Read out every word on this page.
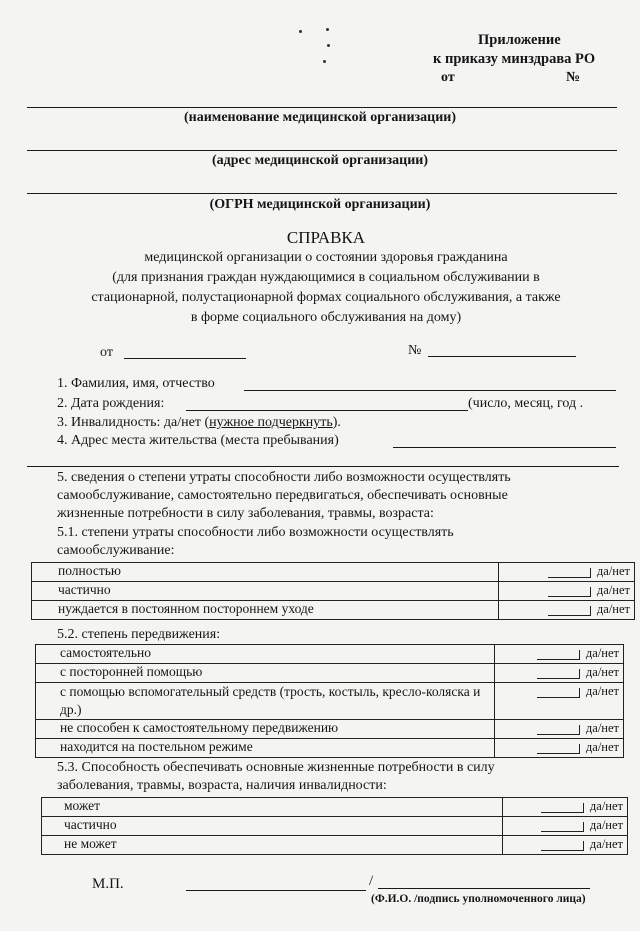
Приложение
к приказу минздрава РО
от	№
(наименование медицинской организации)
(адрес медицинской организации)
(ОГРН медицинской организации)
СПРАВКА
медицинской организации о состоянии здоровья гражданина
(для признания граждан нуждающимися в социальном обслуживании в
стационарной, полустационарной формах социального обслуживания, а также
в форме социального обслуживания на дому)
от	№
1. Фамилия, имя, отчество
2. Дата рождения:	(число, месяц, год .
3. Инвалидность: да/нет (нужное подчеркнуть).
4. Адрес места жительства (места пребывания)
5. сведения о степени утраты способности либо возможности осуществлять
самообслуживание, самостоятельно передвигаться, обеспечивать основные
жизненные потребности в силу заболевания, травмы, возраста:
5.1. степени утраты способности либо возможности осуществлять
самообслуживание:
полностью	да/нет
частично	да/нет
нуждается в постоянном постороннем уходе	да/нет
5.2. степень передвижения:
самостоятельно	да/нет
с посторонней помощью	да/нет
с помощью вспомогательный средств (трость, костыль, кресло-коляска и др.)	да/нет
не способен к самостоятельному передвижению	да/нет
находится на постельном режиме	да/нет
5.3. Способность обеспечивать основные жизненные потребности в силу
заболевания, травмы, возраста, наличия инвалидности:
может	да/нет
частично	да/нет
не может	да/нет
М.П.	/
(Ф.И.О. /подпись уполномоченного лица)
